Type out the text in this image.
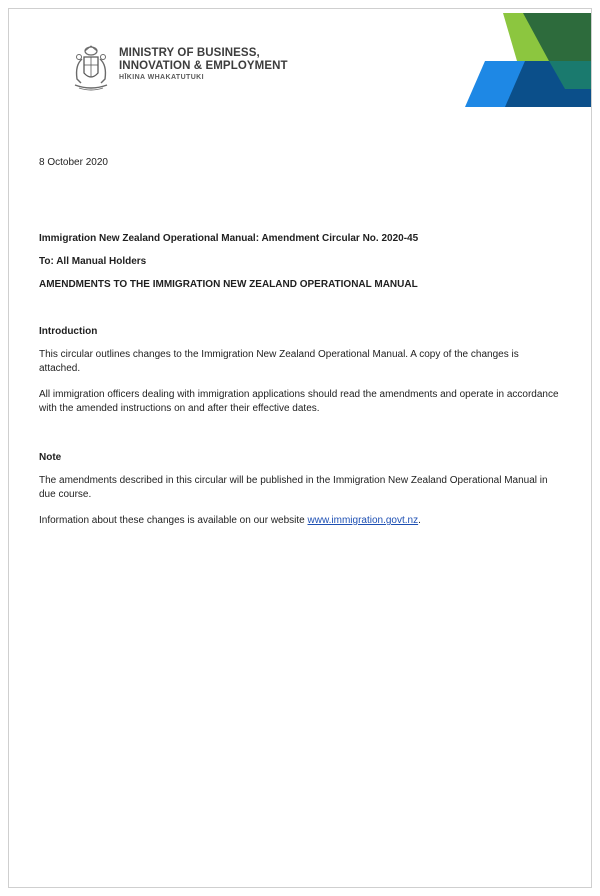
MINISTRY OF BUSINESS,
INNOVATION & EMPLOYMENT
HĪKINA WHAKATUTUKI
8 October 2020
Immigration New Zealand Operational Manual: Amendment Circular No. 2020-45
To: All Manual Holders
AMENDMENTS TO THE IMMIGRATION NEW ZEALAND OPERATIONAL MANUAL
Introduction
This circular outlines changes to the Immigration New Zealand Operational Manual. A copy of the changes is attached.
All immigration officers dealing with immigration applications should read the amendments and operate in accordance with the amended instructions on and after their effective dates.
Note
The amendments described in this circular will be published in the Immigration New Zealand Operational Manual in due course.
Information about these changes is available on our website www.immigration.govt.nz.
